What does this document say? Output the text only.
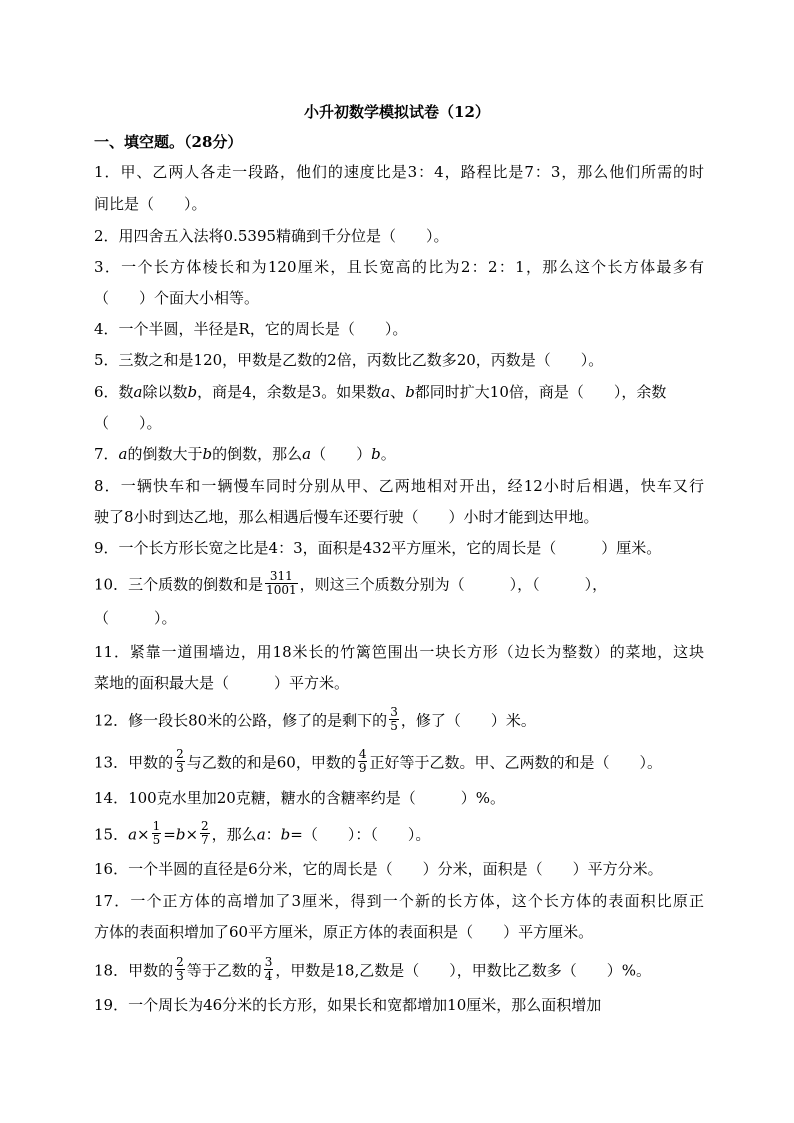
小升初数学模拟试卷（12）
一、填空题。（28分）
1．甲、乙两人各走一段路，他们的速度比是3：4，路程比是7：3，那么他们所需的时
间比是（　　）。
2．用四舍五入法将0.5395精确到千分位是（　　）。
3．一个长方体棱长和为120厘米，且长宽高的比为2：2：1，那么这个长方体最多有
（　　）个面大小相等。
4．一个半圆，半径是R，它的周长是（　　）。
5．三数之和是120，甲数是乙数的2倍，丙数比乙数多20，丙数是（　　）。
6．数a除以数b，商是4，余数是3。如果数a、b都同时扩大10倍，商是（　　），余数
（　　）。
7．a的倒数大于b的倒数，那么a（　　）b。
8．一辆快车和一辆慢车同时分别从甲、乙两地相对开出，经12小时后相遇，快车又行
驶了8小时到达乙地，那么相遇后慢车还要行驶（　　）小时才能到达甲地。
9．一个长方形长宽之比是4：3，面积是432平方厘米，它的周长是（　　　）厘米。
10．三个质数的倒数和是 $\frac{311}{1001}$ ，则这三个质数分别为（　　　），（　　　），
（　　　）。
11．紧靠一道围墙边，用18米长的竹篱笆围出一块长方形（边长为整数）的菜地，这块
菜地的面积最大是（　　　）平方米。
12．修一段长80米的公路，修了的是剩下的 $\frac{3}{5}$ ，修了（　　）米。
13．甲数的 $\frac{2}{3}$ 与乙数的和是60，甲数的 $\frac{4}{9}$ 正好等于乙数。甲、乙两数的和是（　　）。
14．100克水里加20克糖，糖水的含糖率约是（　　　）%。
15．$a\times \frac{1}{5} =b\times \frac{2}{7}$ ，那么a：b=（　　）：（　　）。
16．一个半圆的直径是6分米，它的周长是（　　）分米，面积是（　　）平方分米。
17．一个正方体的高增加了3厘米，得到一个新的长方体，这个长方体的表面积比原正
方体的表面积增加了60平方厘米，原正方体的表面积是（　　）平方厘米。
18．甲数的 $\frac{2}{3}$ 等于乙数的 $\frac{3}{4}$ ，甲数是18,乙数是（　　），甲数比乙数多（　　）%。
19．一个周长为46分米的长方形，如果长和宽都增加10厘米，那么面积增加
